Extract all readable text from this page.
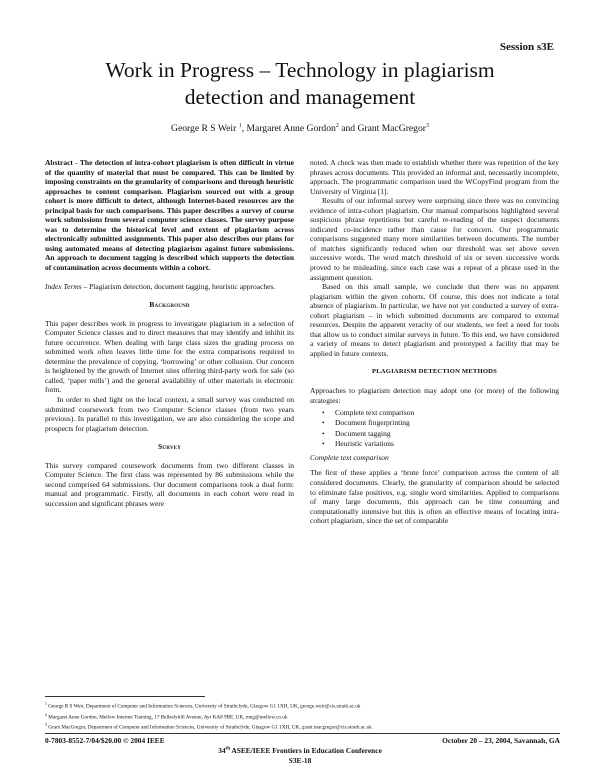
Session s3E
Work in Progress – Technology in plagiarism
detection and management
George R S Weir $^1$, Margaret Anne Gordon$^2$ and Grant MacGregor$^3$

Abstract - The detection of intra-cohort plagiarism is often difficult in virtue of the quantity of material that must be compared. This can be limited by imposing constraints on the granularity of comparisons and through heuristic approaches to content comparison. Plagiarism sourced out with a group cohort is more difficult to detect, although Internet-based resources are the principal basis for such comparisons. This paper describes a survey of course work submissions from several computer science classes. The survey purpose was to determine the historical level and extent of plagiarism across electronically submitted assignments. This paper also describes our plans for using automated means of detecting plagiarism against future submissions. An approach to document tagging is described which supports the detection of contamination across documents within a cohort.

Index Terms – Plagiarism detection, document tagging, heuristic approaches.

Background

This paper describes work in progress to investigate plagiarism in a selection of Computer Science classes and to direct measures that may identify and inhibit its future occurrence. When dealing with large class sizes the grading process on submitted work often leaves little time for the extra comparisons required to determine the prevalence of copying, ‘borrowing’ or other collusion. Our concern is heightened by the growth of Internet sites offering third-party work for sale (so called, ‘paper mills’) and the general availability of other materials in electronic form.

In order to shed light on the local context, a small survey was conducted on submitted coursework from two Computer Science classes (from two years previous). In parallel to this investigation, we are also considering the scope and prospects for plagiarism detection.

Survey

This survey compared coursework documents from two different classes in Computer Science. The first class was represented by 86 submissions while the second comprised 64 submissions. Our document comparisons took a dual form: manual and programmatic. Firstly, all documents in each cohort were read in succession and significant phrases were

noted. A check was then made to establish whether there was repetition of the key phrases across documents. This provided an informal and, necessarily incomplete, approach. The programmatic comparison used the WCopyFind program from the University of Virginia [1].

Results of our informal survey were surprising since there was no convincing evidence of intra-cohort plagiarism. Our manual comparisons highlighted several suspicious phrase repetitions but careful re-reading of the suspect documents indicated co-incidence rather than cause for concern. Our programmatic comparisons suggested many more similarities between documents. The number of matches significantly reduced when our threshold was set above seven successive words. The word match threshold of six or seven successive words proved to be misleading, since each case was a repeat of a phrase used in the assignment question.

Based on this small sample, we conclude that there was no apparent plagiarism within the given cohorts. Of course, this does not indicate a total absence of plagiarism. In particular, we have not yet conducted a survey of extra-cohort plagiarism – in which submitted documents are compared to external resources. Despite the apparent veracity of our students, we feel a need for tools that allow us to conduct similar surveys in future. To this end, we have considered a variety of means to detect plagiarism and prototyped a facility that may be applied in future contexts.

PLAGIARISM DETECTION METHODS

Approaches to plagiarism detection may adopt one (or more) of the following strategies:

• Complete text comparison
• Document fingerprinting
• Document tagging
• Heuristic variations

Complete text comparison

The first of these applies a ‘brute force’ comparison across the content of all considered documents. Clearly, the granularity of comparison should be selected to eliminate false positives, e.g. single word similarities. Applied to comparisons of many large documents, this approach can be time consuming and computationally intensive but this is often an effective means of locating intra-cohort plagiarism, since the set of comparable

$^1$ George R S Weir, Department of Computer and Information Sciences, University of Strathclyde, Glasgow G1 1XH, UK, george.weir@cis.strath.ac.uk
$^2$ Margaret Anne Gordon, Mellow Internet Training, 17 Belleslyhill Avenue, Ayr KA8 9BE, UK, meg@mellow.co.uk
$^3$ Grant MacGregor, Department of Computer and Information Sciences, University of Strathclyde, Glasgow G1 1XH, UK, grant.macgregor@cis.strath.ac.uk
0-7803-8552-7/04/$20.00 © 2004 IEEE	October 20 – 23, 2004, Savannah, GA
34th ASEE/IEEE Frontiers in Education Conference
S3E-18
